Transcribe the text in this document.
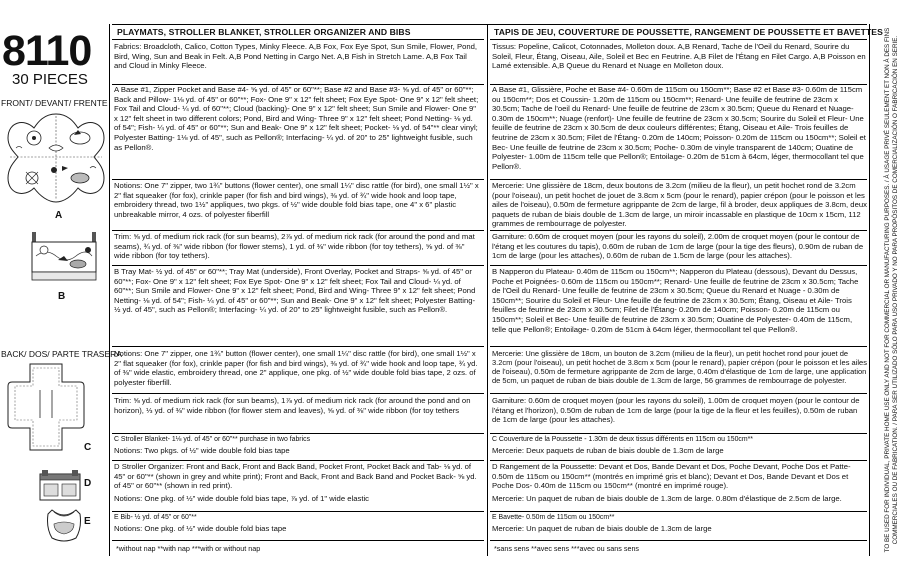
8110
30 PIECES
FRONT/ DEVANT/ FRENTE
A
B
BACK/ DOS/ PARTE TRASERA
C
D
E
PLAYMATS, STROLLER BLANKET, STROLLER ORGANIZER AND BIBS	TAPIS DE JEU, COUVERTURE DE POUSSETTE, RANGEMENT DE POUSSETTE ET BAVETTES

Fabrics: Broadcloth, Calico, Cotton Types, Minky Fleece. A,B Fox, Fox Eye Spot, Sun Smile, Flower, Pond, Bird, Wing, Sun and Beak in Felt. A,B Pond Netting in Cargo Net. A,B Fish in Stretch Lame. A,B Fox Tail and Cloud in Minky Fleece.

A Base #1, Zipper Pocket and Base #4- ⅝ yd. of 45" or 60"**; Base #2 and Base #3- ⅝ yd. of 45" or 60"**; Back and Pillow- 1⅛ yd. of 45" or 60"**; Fox- One 9" x 12" felt sheet; Fox Eye Spot- One 9" x 12" felt sheet; Fox Tail and Cloud- ¼ yd. of 60"**; Cloud (backing)- One 9" x 12" felt sheet; Sun Smile and Flower- One 9" x 12" felt sheet in two different colors; Pond, Bird and Wing- Three 9" x 12" felt sheet; Pond Netting- ⅛ yd. of 54"; Fish- ¼ yd. of 45" or 60"**; Sun and Beak- One 9" x 12" felt sheet; Pocket- ⅛ yd. of 54"** clear vinyl; Polyester Batting- 1⅛ yd. of 45", such as Pellon®; Interfacing- ¼ yd. of 20" to 25" lightweight fusible, such as Pellon®.

Notions: One 7" zipper, two 1¾" buttons (flower center), one small 1¼" disc rattle (for bird), one small 1½" x 2" flat squeaker (for fox), crinkle paper (for fish and bird wings), ⅜ yd. of ¾" wide hook and loop tape, embroidery thread, two 1½" appliques, two pkgs. of ½" wide double fold bias tape, one 4" x 6" plastic unbreakable mirror, 4 ozs. of polyester fiberfill

Trim: ⅝ yd. of medium rick rack (for sun beams), 2⅞ yd. of medium rick rack (for around the pond and mat seams), ¾ yd. of ⅜" wide ribbon (for flower stems), 1 yd. of ⅜" wide ribbon (for toy tethers), ⅝ yd. of ⅜" wide ribbon (for toy tethers).

B Tray Mat- ½ yd. of 45" or 60"**; Tray Mat (underside), Front Overlay, Pocket and Straps- ⅝ yd. of 45" or 60"**; Fox- One 9" x 12" felt sheet; Fox Eye Spot- One 9" x 12" felt sheet; Fox Tail and Cloud- ¼ yd. of 60"**; Sun Smile and Flower- One 9" x 12" felt sheet; Pond, Bird and Wing- Three 9" x 12" felt sheet; Pond Netting- ⅛ yd. of 54"; Fish- ¼ yd. of 45" or 60"**; Sun and Beak- One 9" x 12" felt sheet; Polyester Batting- ½ yd. of 45", such as Pellon®; Interfacing- ¼ yd. of 20" to 25" lightweight fusible, such as Pellon®.

Notions: One 7" zipper, one 1¾" button (flower center), one small 1¼" disc rattle (for bird), one small 1½" x 2" flat squeaker (for fox), crinkle paper (for fish and bird wings), ⅜ yd. of ¾" wide hook and loop tape, ¾ yd. of ⅜" wide elastic, embroidery thread, one 2" applique, one pkg. of ½" wide double fold bias tape, 2 ozs. of polyester fiberfill.

Trim: ⅝ yd. of medium rick rack (for sun beams), 1⅞ yd. of medium rick rack (for around the pond and on horizon), ⅓ yd. of ⅜" wide ribbon (for flower stem and leaves), ⅝ yd. of ⅜" wide ribbon (for toy tethers

C Stroller Blanket- 1⅛ yd. of 45" or 60"** purchase in two fabrics

Notions: Two pkgs. of ½" wide double fold bias tape

D Stroller Organizer: Front and Back, Front and Back Band, Pocket Front, Pocket Back and Tab- ⅛ yd. of 45" or 60"** (shown in grey and white print); Front and Back, Front and Back Band and Pocket Back- ⅝ yd. of 45" or 60"** (shown in red print).

Notions: One pkg. of ½" wide double fold bias tape, ⅞ yd. of 1" wide elastic

E Bib- ½ yd. of 45" or 60"**

Notions: One pkg. of ½" wide double fold bias tape

*without nap **with nap ***with or without nap

Tissus: Popeline, Calicot, Cotonnades, Molleton doux. A,B Renard, Tache de l'Oeil du Renard, Sourire du Soleil, Fleur, Étang, Oiseau, Aile, Soleil et Bec en Feutrine. A,B Filet de l'Étang en Filet Cargo. A,B Poisson en Lamé extensible. A,B Queue du Renard et Nuage en Molleton doux.

A Base #1, Glissière, Poche et Base #4- 0.60m de 115cm ou 150cm**; Base #2 et Base #3- 0.60m de 115cm ou 150cm**; Dos et Coussin- 1.20m de 115cm ou 150cm**; Renard- Une feuille de feutrine de 23cm x 30.5cm; Tache de l'oeil du Renard- Une feuille de feutrine de 23cm x 30.5cm; Queue du Renard et Nuage- 0.30m de 150cm**; Nuage (renfort)- Une feuille de feutrine de 23cm x 30.5cm; Sourire du Soleil et Fleur- Une feuille de feutrine de 23cm x 30.5cm de deux couleurs différentes; Étang, Oiseau et Aile- Trois feuilles de feutrine de 23cm x 30.5cm; Filet de l'Étang- 0.20m de 140cm; Poisson- 0.20m de 115cm ou 150cm**; Soleil et Bec- Une feuille de feutrine de 23cm x 30.5cm; Poche- 0.30m de vinyle transparent de 140cm; Ouatine de Polyester- 1.00m de 115cm telle que Pellon®; Entoilage- 0.20m de 51cm à 64cm, léger, thermocollant tel que Pellon®.

Mercerie: Une glissière de 18cm, deux boutons de 3.2cm (milieu de la fleur), un petit hochet rond de 3.2cm (pour l'oiseau), un petit hochet de jouet de 3.8cm x 5cm (pour le renard), papier crépon (pour le poisson et les ailes de l'oiseau), 0.50m de fermeture agrippante de 2cm de large, fil à broder, deux appliques de 3.8cm, deux paquets de ruban de biais double de 1.3cm de large, un miroir incassable en plastique de 10cm x 15cm, 112 grammes de rembourrage de polyester.

Garniture: 0.60m de croquet moyen (pour les rayons du soleil), 2.00m de croquet moyen (pour le contour de l'étang et les coutures du tapis), 0.60m de ruban de 1cm de large (pour la tige des fleurs), 0.90m de ruban de 1cm de large (pour les attaches), 0.60m de ruban de 1.5cm de large (pour les attaches).

B Napperon du Plateau- 0.40m de 115cm ou 150cm**; Napperon du Plateau (dessous), Devant du Dessus, Poche et Poignées- 0.60m de 115cm ou 150cm**; Renard- Une feuille de feutrine de 23cm x 30.5cm; Tache de l'Oeil du Renard- Une feuille de feutrine de 23cm x 30.5cm; Queue du Renard et Nuage - 0.30m de 150cm**; Sourire du Soleil et Fleur- Une feuille de feutrine de 23cm x 30.5cm; Étang, Oiseau et Aile- Trois feuilles de feutrine de 23cm x 30.5cm; Filet de l'Étang- 0.20m de 140cm; Poisson- 0.20m de 115cm ou 150cm**; Soleil et Bec- Une feuille de feutrine de 23cm x 30.5cm; Ouatine de Polyester- 0.40m de 115cm, telle que Pellon®; Entoilage- 0.20m de 51cm à 64cm léger, thermocollant tel que Pellon®.

Mercerie: Une glissière de 18cm, un bouton de 3.2cm (milieu de la fleur), un petit hochet rond pour jouet de 3.2cm (pour l'oiseau), un petit hochet de 3.8cm x 5cm (pour le renard), papier crépon (pour le poisson et les ailes de l'oiseau), 0.50m de fermeture agrippante de 2cm de large, 0.40m d'élastique de 1cm de large, une application de 5cm, un paquet de ruban de biais double de 1.3cm de large, 56 grammes de rembourrage de polyester.

Garniture: 0.60m de croquet moyen (pour les rayons du soleil), 1.00m de croquet moyen (pour le contour de l'étang et l'horizon), 0.50m de ruban de 1cm de large (pour la tige de la fleur et les feuilles), 0.50m de ruban de 1cm de large (pour les attaches).

C Couverture de la Poussette - 1.30m de deux tissus différents en 115cm ou 150cm**

Mercerie: Deux paquets de ruban de biais double de 1.3cm de large

D Rangement de la Poussette: Devant et Dos, Bande Devant et Dos, Poche Devant, Poche Dos et Patte- 0.50m de 115cm ou 150cm** (montrés en imprimé gris et blanc); Devant et Dos, Bande Devant et Dos et Poche Dos- 0.40m de 115cm ou 150cm** (montré en imprimé rouge).

Mercerie: Un paquet de ruban de biais double de 1.3cm de large. 0.80m d'élastique de 2.5cm de large.

E Bavette- 0.50m de 115cm ou 150cm**

Mercerie: Un paquet de ruban de biais double de 1.3cm de large

*sans sens **avec sens ***avec ou sans sens	TO BE USED FOR INDIVIDUAL, PRIVATE HOME USE ONLY AND NOT FOR COMMERCIAL OR MANUFACTURING PURPOSES. / À USAGE PRIVÉ SEULEMENT ET NON À DES FINS COMMERCIALES OU DE FABRICATION. / PARA SER UTILIZADO SÓLO PARA USO PRIVADO Y NO PARA PROPÓSITOS DE COMERCIALIZACIÓN O FABRICACIÓN EN SERIE.
